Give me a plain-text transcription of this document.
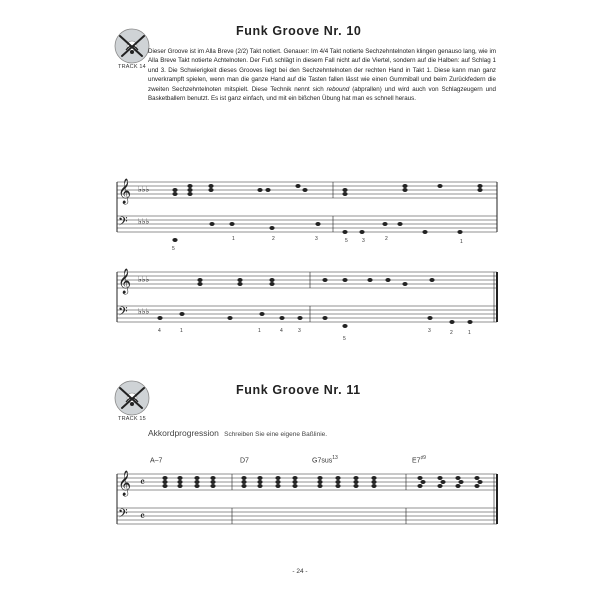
TRACK 14
Funk Groove Nr. 10

Dieser Groove ist im Alla Breve (2/2) Takt notiert. Genauer: Im 4/4 Takt notierte Sechzehntelnoten klingen genauso lang, wie im Alla Breve Takt notierte Achtelnoten. Der Fuß schlägt in diesem Fall nicht auf die Viertel, sondern auf die Halben: auf Schlag 1 und 3. Die Schwierigkeit dieses Grooves liegt bei den Sechzehntelnoten der rechten Hand in Takt 1. Diese kann man ganz unverkrampft spielen, wenn man die ganze Hand auf die Tasten fallen lässt wie einen Gummiball und beim Zurückfedern die zweiten Sechzehntelnoten mitspielt. Diese Technik nennt sich rebound (abprallen) und wird auch von Schlagzeugern und Basketballern benutzt. Es ist ganz einfach, und mit ein bißchen Übung hat man es schnell heraus.

𝄞
𝄢
♭♭♭
♭♭♭
5
1	2	3	5	3	2	1
𝄞
𝄢
♭♭♭
♭♭♭
4	1	1	4	3
5
3	2	1
TRACK 15
Funk Groove Nr. 11
Akkordprogression Schreiben Sie eine eigene Baßlinie.
A–7	D7	G7sus$^{13}$	$E7^{♯9}$
𝄞
𝄢
𝄴
𝄴
- 24 -
